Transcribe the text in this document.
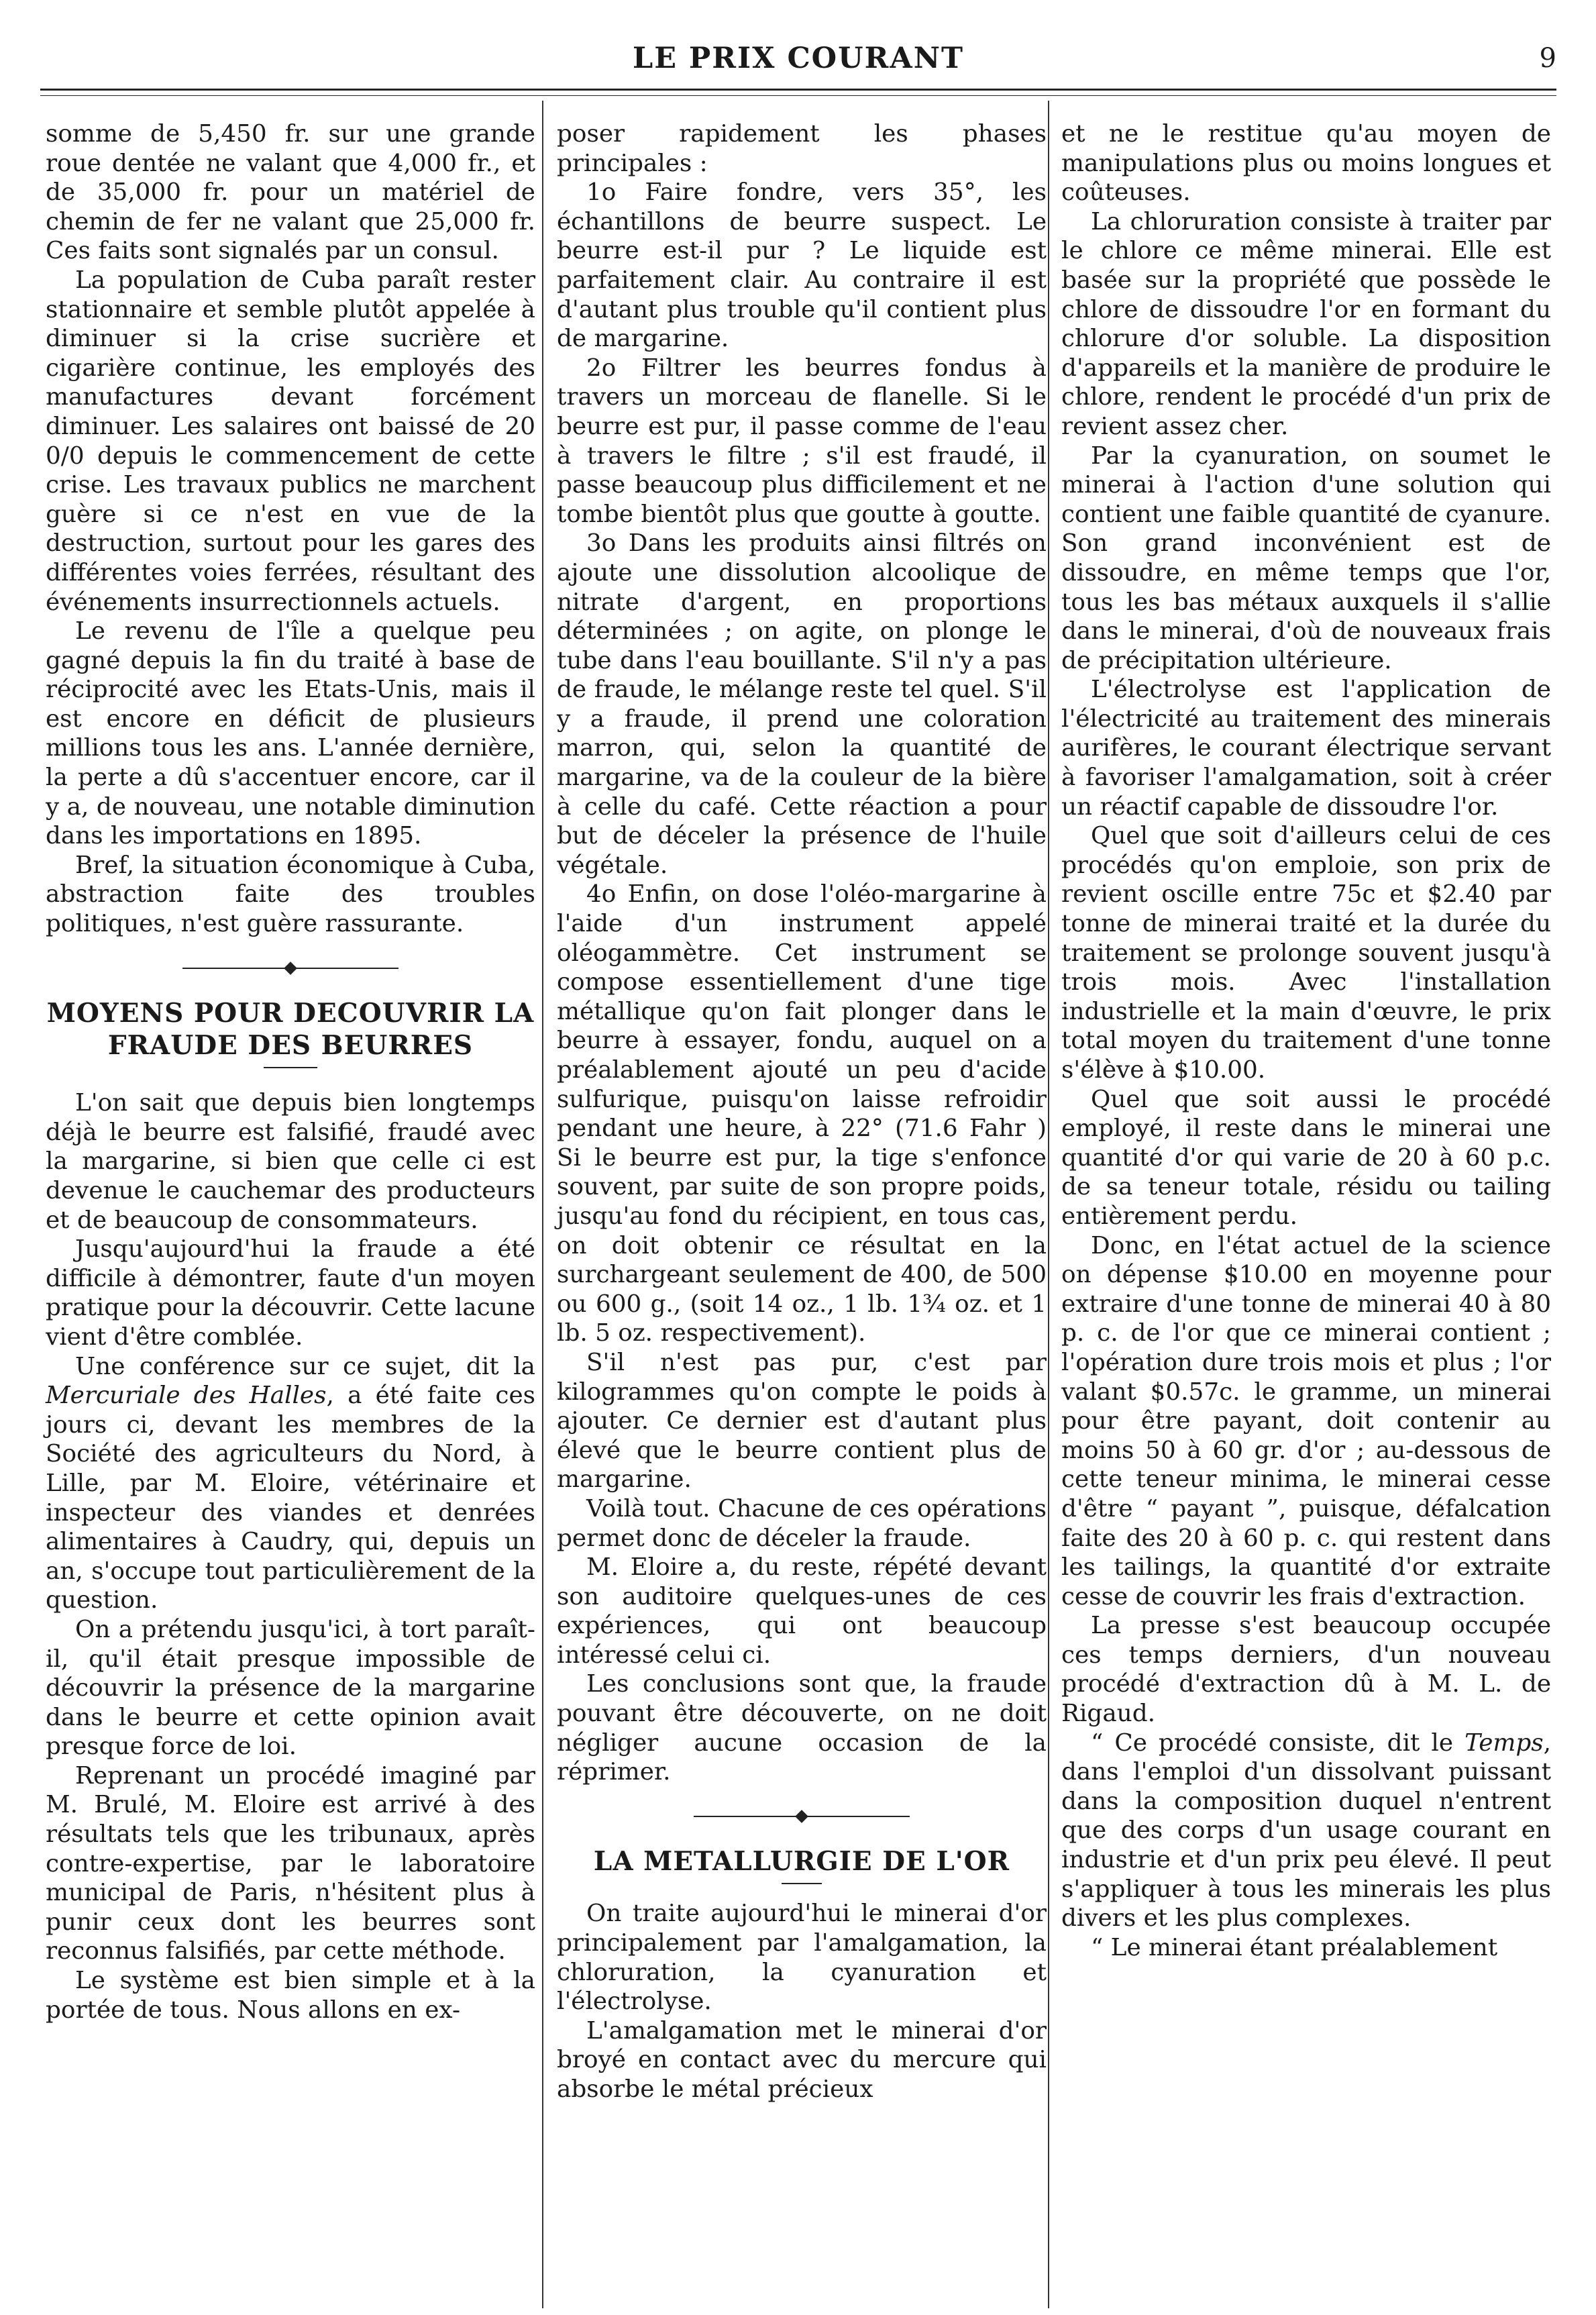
LE PRIX COURANT	9

somme de 5,450 fr. sur une grande roue dentée ne valant que 4,000 fr., et de 35,000 fr. pour un matériel de chemin de fer ne valant que 25,000 fr. Ces faits sont signalés par un consul.

La population de Cuba paraît rester stationnaire et semble plutôt appelée à diminuer si la crise sucrière et cigarière continue, les employés des manufactures devant forcément diminuer. Les salaires ont baissé de 20 0/0 depuis le commencement de cette crise. Les travaux publics ne marchent guère si ce n'est en vue de la destruction, surtout pour les gares des différentes voies ferrées, résultant des événements insurrectionnels actuels.

Le revenu de l'île a quelque peu gagné depuis la fin du traité à base de réciprocité avec les Etats-Unis, mais il est encore en déficit de plusieurs millions tous les ans. L'année dernière, la perte a dû s'accentuer encore, car il y a, de nouveau, une notable diminution dans les importations en 1895.

Bref, la situation économique à Cuba, abstraction faite des troubles politiques, n'est guère rassurante.

MOYENS POUR DECOUVRIR LA FRAUDE DES BEURRES

L'on sait que depuis bien longtemps déjà le beurre est falsifié, fraudé avec la margarine, si bien que celle ci est devenue le cauchemar des producteurs et de beaucoup de consommateurs.

Jusqu'aujourd'hui la fraude a été difficile à démontrer, faute d'un moyen pratique pour la découvrir. Cette lacune vient d'être comblée.

Une conférence sur ce sujet, dit la Mercuriale des Halles, a été faite ces jours ci, devant les membres de la Société des agriculteurs du Nord, à Lille, par M. Eloire, vétérinaire et inspecteur des viandes et denrées alimentaires à Caudry, qui, depuis un an, s'occupe tout particulièrement de la question.

On a prétendu jusqu'ici, à tort paraît-il, qu'il était presque impossible de découvrir la présence de la margarine dans le beurre et cette opinion avait presque force de loi.

Reprenant un procédé imaginé par M. Brulé, M. Eloire est arrivé à des résultats tels que les tribunaux, après contre-expertise, par le laboratoire municipal de Paris, n'hésitent plus à punir ceux dont les beurres sont reconnus falsifiés, par cette méthode.

Le système est bien simple et à la portée de tous. Nous allons en ex-

poser rapidement les phases principales :

1o Faire fondre, vers 35°, les échantillons de beurre suspect. Le beurre est-il pur ? Le liquide est parfaitement clair. Au contraire il est d'autant plus trouble qu'il contient plus de margarine.

2o Filtrer les beurres fondus à travers un morceau de flanelle. Si le beurre est pur, il passe comme de l'eau à travers le filtre ; s'il est fraudé, il passe beaucoup plus difficilement et ne tombe bientôt plus que goutte à goutte.

3o Dans les produits ainsi filtrés on ajoute une dissolution alcoolique de nitrate d'argent, en proportions déterminées ; on agite, on plonge le tube dans l'eau bouillante. S'il n'y a pas de fraude, le mélange reste tel quel. S'il y a fraude, il prend une coloration marron, qui, selon la quantité de margarine, va de la couleur de la bière à celle du café. Cette réaction a pour but de déceler la présence de l'huile végétale.

4o Enfin, on dose l'oléo-margarine à l'aide d'un instrument appelé oléogammètre. Cet instrument se compose essentiellement d'une tige métallique qu'on fait plonger dans le beurre à essayer, fondu, auquel on a préalablement ajouté un peu d'acide sulfurique, puisqu'on laisse refroidir pendant une heure, à 22° (71.6 Fahr ) Si le beurre est pur, la tige s'enfonce souvent, par suite de son propre poids, jusqu'au fond du récipient, en tous cas, on doit obtenir ce résultat en la surchargeant seulement de 400, de 500 ou 600 g., (soit 14 oz., 1 lb. 1¾ oz. et 1 lb. 5 oz. respectivement).

S'il n'est pas pur, c'est par kilogrammes qu'on compte le poids à ajouter. Ce dernier est d'autant plus élevé que le beurre contient plus de margarine.

Voilà tout. Chacune de ces opérations permet donc de déceler la fraude.

M. Eloire a, du reste, répété devant son auditoire quelques-unes de ces expériences, qui ont beaucoup intéressé celui ci.

Les conclusions sont que, la fraude pouvant être découverte, on ne doit négliger aucune occasion de la réprimer.

LA METALLURGIE DE L'OR

On traite aujourd'hui le minerai d'or principalement par l'amalgamation, la chloruration, la cyanuration et l'électrolyse.

L'amalgamation met le minerai d'or broyé en contact avec du mercure qui absorbe le métal précieux

et ne le restitue qu'au moyen de manipulations plus ou moins longues et coûteuses.

La chloruration consiste à traiter par le chlore ce même minerai. Elle est basée sur la propriété que possède le chlore de dissoudre l'or en formant du chlorure d'or soluble. La disposition d'appareils et la manière de produire le chlore, rendent le procédé d'un prix de revient assez cher.

Par la cyanuration, on soumet le minerai à l'action d'une solution qui contient une faible quantité de cyanure. Son grand inconvénient est de dissoudre, en même temps que l'or, tous les bas métaux auxquels il s'allie dans le minerai, d'où de nouveaux frais de précipitation ultérieure.

L'électrolyse est l'application de l'électricité au traitement des minerais aurifères, le courant électrique servant à favoriser l'amalgamation, soit à créer un réactif capable de dissoudre l'or.

Quel que soit d'ailleurs celui de ces procédés qu'on emploie, son prix de revient oscille entre 75c et $2.40 par tonne de minerai traité et la durée du traitement se prolonge souvent jusqu'à trois mois. Avec l'installation industrielle et la main d'œuvre, le prix total moyen du traitement d'une tonne s'élève à $10.00.

Quel que soit aussi le procédé employé, il reste dans le minerai une quantité d'or qui varie de 20 à 60 p.c. de sa teneur totale, résidu ou tailing entièrement perdu.

Donc, en l'état actuel de la science on dépense $10.00 en moyenne pour extraire d'une tonne de minerai 40 à 80 p. c. de l'or que ce minerai contient ; l'opération dure trois mois et plus ; l'or valant $0.57c. le gramme, un minerai pour être payant, doit contenir au moins 50 à 60 gr. d'or ; au-dessous de cette teneur minima, le minerai cesse d'être “ payant ”, puisque, défalcation faite des 20 à 60 p. c. qui restent dans les tailings, la quantité d'or extraite cesse de couvrir les frais d'extraction.

La presse s'est beaucoup occupée ces temps derniers, d'un nouveau procédé d'extraction dû à M. L. de Rigaud.

“ Ce procédé consiste, dit le Temps, dans l'emploi d'un dissolvant puissant dans la composition duquel n'entrent que des corps d'un usage courant en industrie et d'un prix peu élevé. Il peut s'appliquer à tous les minerais les plus divers et les plus complexes.

“ Le minerai étant préalablement
